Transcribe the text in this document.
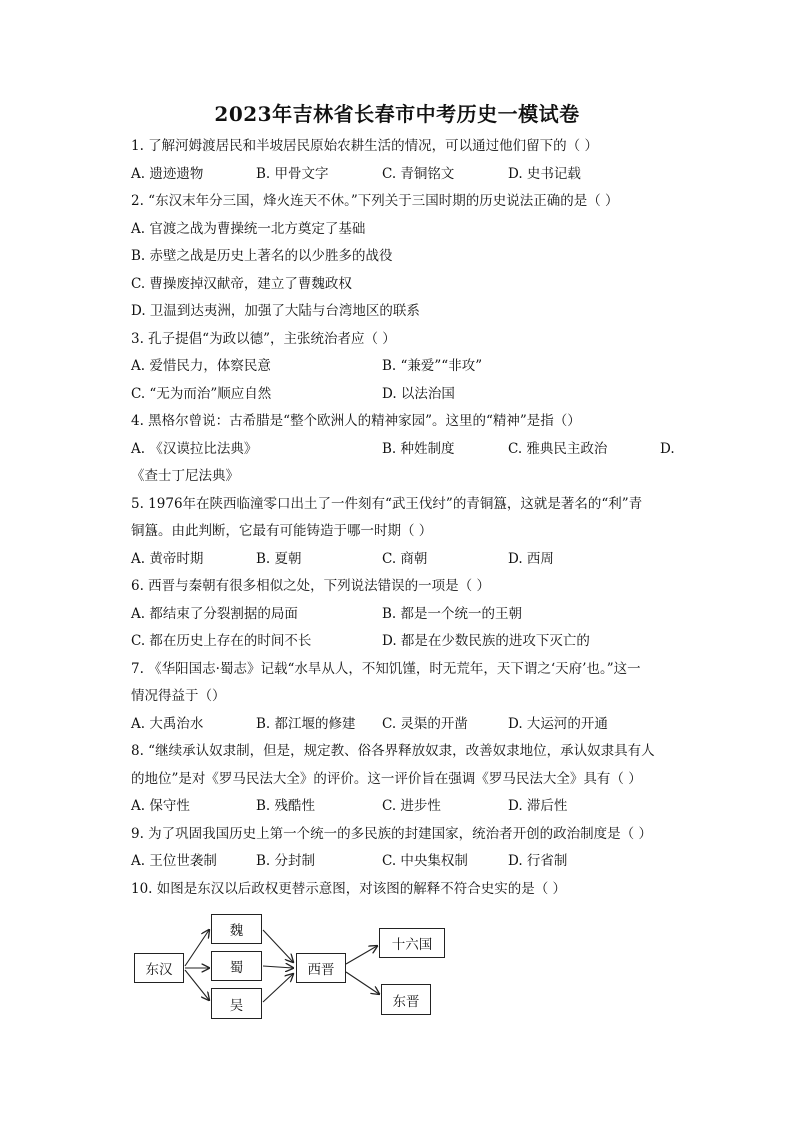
2023年吉林省长春市中考历史一模试卷
1. 了解河姆渡居民和半坡居民原始农耕生活的情况，可以通过他们留下的（ ）
A. 遗迹遗物	B. 甲骨文字	C. 青铜铭文	D. 史书记载
2. “东汉末年分三国，烽火连天不休。”下列关于三国时期的历史说法正确的是（ ）
A. 官渡之战为曹操统一北方奠定了基础
B. 赤壁之战是历史上著名的以少胜多的战役
C. 曹操废掉汉献帝，建立了曹魏政权
D. 卫温到达夷洲，加强了大陆与台湾地区的联系
3. 孔子提倡“为政以德”，主张统治者应（ ）
A. 爱惜民力，体察民意	B. “兼爱”“非攻”
C. “无为而治”顺应自然	D. 以法治国
4. 黑格尔曾说：古希腊是“整个欧洲人的精神家园”。这里的“精神”是指（）
A. 《汉谟拉比法典》	B. 种姓制度	C. 雅典民主政治	D.
《查士丁尼法典》
5. 1976年在陕西临潼零口出土了一件刻有“武王伐纣”的青铜簋，这就是著名的“利”青
铜簋。由此判断，它最有可能铸造于哪一时期（ ）
A. 黄帝时期	B. 夏朝	C. 商朝	D. 西周
6. 西晋与秦朝有很多相似之处，下列说法错误的一项是（ ）
A. 都结束了分裂割据的局面	B. 都是一个统一的王朝
C. 都在历史上存在的时间不长	D. 都是在少数民族的进攻下灭亡的
7. 《华阳国志·蜀志》记载“水旱从人，不知饥馑，时无荒年，天下谓之‘天府’也。”这一
情况得益于（）
A. 大禹治水	B. 都江堰的修建 C. 灵渠的开凿	D. 大运河的开通
8. “继续承认奴隶制，但是，规定教、俗各界释放奴隶，改善奴隶地位，承认奴隶具有人
的地位”是对《罗马民法大全》的评价。这一评价旨在强调《罗马民法大全》具有（ ）
A. 保守性	B. 残酷性	C. 进步性	D. 滞后性
9. 为了巩固我国历史上第一个统一的多民族的封建国家，统治者开创的政治制度是（ ）
A. 王位世袭制	B. 分封制	C. 中央集权制	D. 行省制
10. 如图是东汉以后政权更替示意图，对该图的解释不符合史实的是（ ）
东汉
魏
蜀
吴
西晋
十六国
东晋
